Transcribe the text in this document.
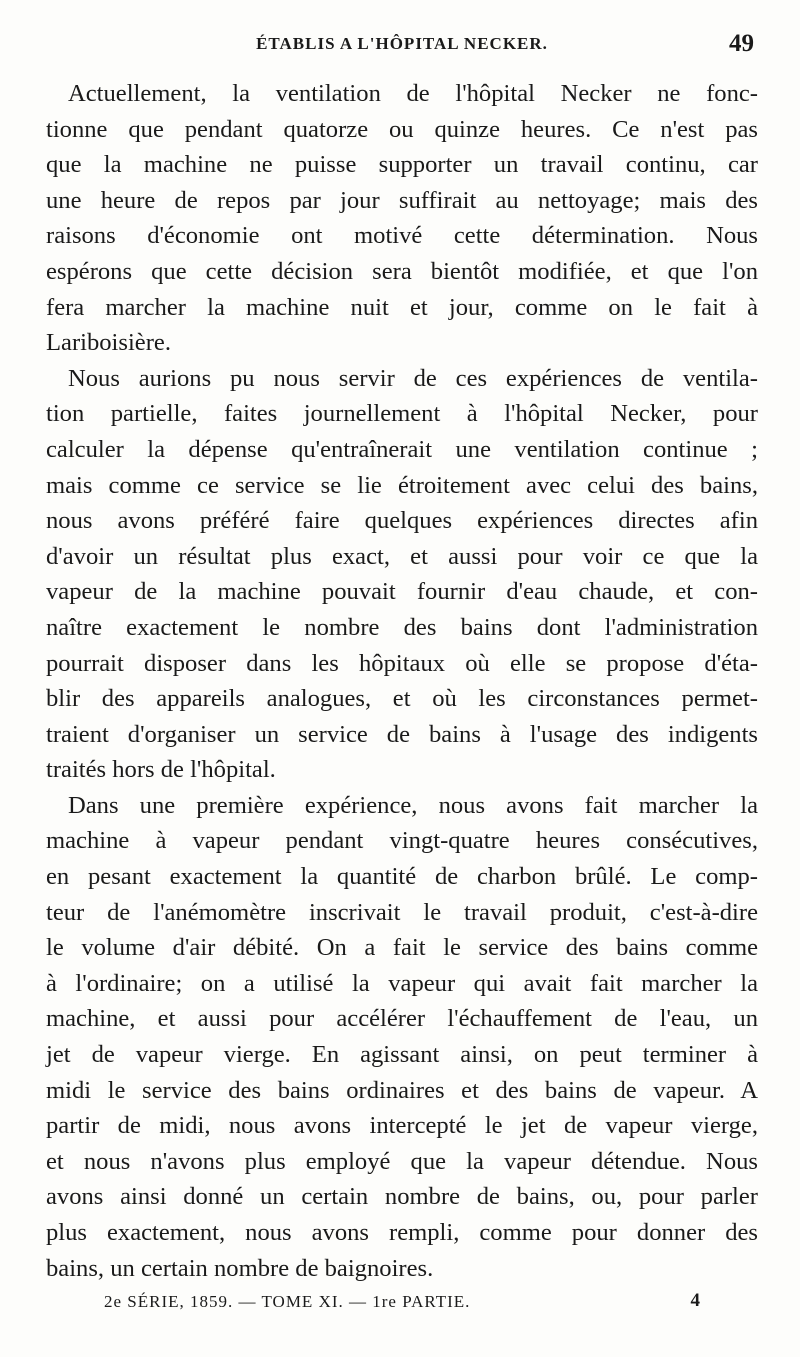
ÉTABLIS A L'HÔPITAL NECKER.	49
Actuellement, la ventilation de l'hôpital Necker ne fonc-
tionne que pendant quatorze ou quinze heures. Ce n'est pas
que la machine ne puisse supporter un travail continu, car
une heure de repos par jour suffirait au nettoyage; mais des
raisons d'économie ont motivé cette détermination. Nous
espérons que cette décision sera bientôt modifiée, et que l'on
fera marcher la machine nuit et jour, comme on le fait à
Lariboisière.
Nous aurions pu nous servir de ces expériences de ventila-
tion partielle, faites journellement à l'hôpital Necker, pour
calculer la dépense qu'entraînerait une ventilation continue ;
mais comme ce service se lie étroitement avec celui des bains,
nous avons préféré faire quelques expériences directes afin
d'avoir un résultat plus exact, et aussi pour voir ce que la
vapeur de la machine pouvait fournir d'eau chaude, et con-
naître exactement le nombre des bains dont l'administration
pourrait disposer dans les hôpitaux où elle se propose d'éta-
blir des appareils analogues, et où les circonstances permet-
traient d'organiser un service de bains à l'usage des indigents
traités hors de l'hôpital.
Dans une première expérience, nous avons fait marcher la
machine à vapeur pendant vingt-quatre heures consécutives,
en pesant exactement la quantité de charbon brûlé. Le comp-
teur de l'anémomètre inscrivait le travail produit, c'est-à-dire
le volume d'air débité. On a fait le service des bains comme
à l'ordinaire; on a utilisé la vapeur qui avait fait marcher la
machine, et aussi pour accélérer l'échauffement de l'eau, un
jet de vapeur vierge. En agissant ainsi, on peut terminer à
midi le service des bains ordinaires et des bains de vapeur. A
partir de midi, nous avons intercepté le jet de vapeur vierge,
et nous n'avons plus employé que la vapeur détendue. Nous
avons ainsi donné un certain nombre de bains, ou, pour parler
plus exactement, nous avons rempli, comme pour donner des
bains, un certain nombre de baignoires.
2e SÉRIE, 1859. — TOME XI. — 1re PARTIE.	4
